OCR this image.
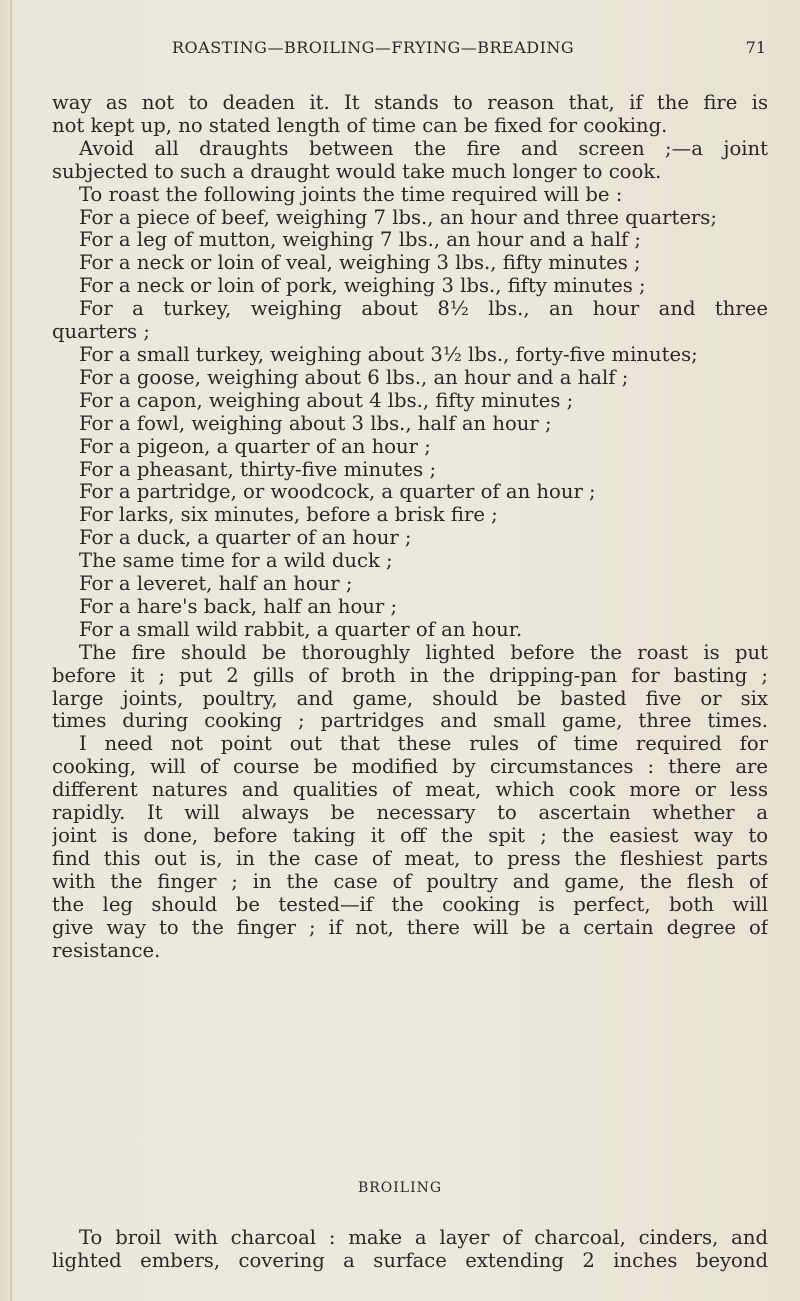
ROASTING—BROILING—FRYING—BREADING	71
way as not to deaden it. It stands to reason that, if the fire is
not kept up, no stated length of time can be fixed for cooking.
Avoid all draughts between the fire and screen ;—a joint
subjected to such a draught would take much longer to cook.
To roast the following joints the time required will be :
For a piece of beef, weighing 7 lbs., an hour and three quarters;
For a leg of mutton, weighing 7 lbs., an hour and a half ;
For a neck or loin of veal, weighing 3 lbs., fifty minutes ;
For a neck or loin of pork, weighing 3 lbs., fifty minutes ;
For a turkey, weighing about 8½ lbs., an hour and three
quarters ;
For a small turkey, weighing about 3½ lbs., forty-five minutes;
For a goose, weighing about 6 lbs., an hour and a half ;
For a capon, weighing about 4 lbs., fifty minutes ;
For a fowl, weighing about 3 lbs., half an hour ;
For a pigeon, a quarter of an hour ;
For a pheasant, thirty-five minutes ;
For a partridge, or woodcock, a quarter of an hour ;
For larks, six minutes, before a brisk fire ;
For a duck, a quarter of an hour ;
The same time for a wild duck ;
For a leveret, half an hour ;
For a hare's back, half an hour ;
For a small wild rabbit, a quarter of an hour.
The fire should be thoroughly lighted before the roast is put
before it ; put 2 gills of broth in the dripping-pan for basting ;
large joints, poultry, and game, should be basted five or six
times during cooking ; partridges and small game, three times.
I need not point out that these rules of time required for
cooking, will of course be modified by circumstances : there are
different natures and qualities of meat, which cook more or less
rapidly. It will always be necessary to ascertain whether a
joint is done, before taking it off the spit ; the easiest way to
find this out is, in the case of meat, to press the fleshiest parts
with the finger ; in the case of poultry and game, the flesh of
the leg should be tested—if the cooking is perfect, both will
give way to the finger ; if not, there will be a certain degree of
resistance.
BROILING
To broil with charcoal : make a layer of charcoal, cinders, and
lighted embers, covering a surface extending 2 inches beyond
